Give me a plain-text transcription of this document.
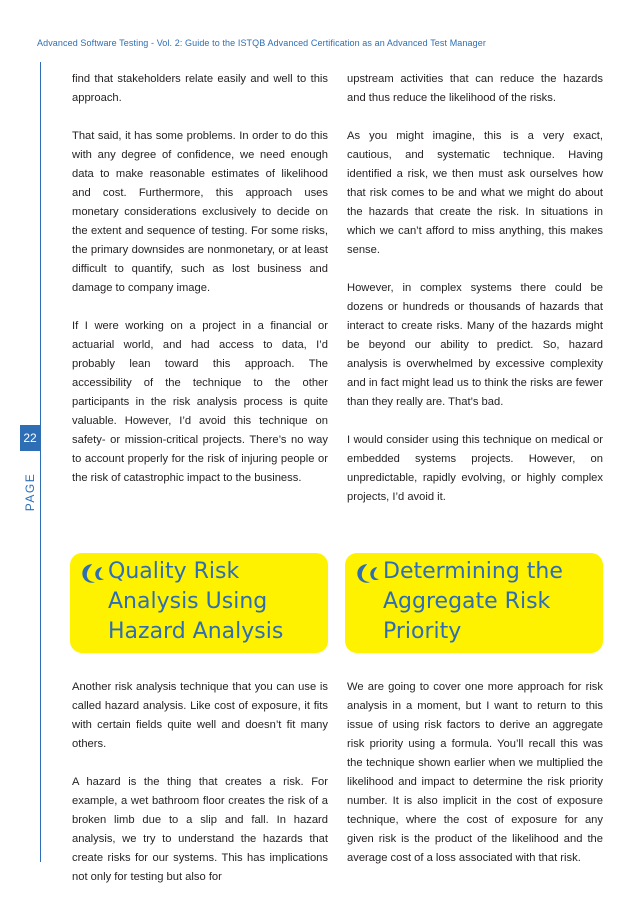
Advanced Software Testing - Vol. 2: Guide to the ISTQB Advanced Certification as an Advanced Test Manager
22
PAGE

find that stakeholders relate easily and well to this approach.

That said, it has some problems. In order to do this with any degree of confidence, we need enough data to make reasonable estimates of likelihood and cost. Furthermore, this approach uses monetary considerations exclusively to decide on the extent and sequence of testing. For some risks, the primary downsides are nonmonetary, or at least difficult to quantify, such as lost business and damage to company image.

If I were working on a project in a financial or actuarial world, and had access to data, I’d probably lean toward this approach. The accessibility of the technique to the other participants in the risk analysis process is quite valuable. However, I’d avoid this technique on safety- or mission-critical projects. There’s no way to account properly for the risk of injuring people or the risk of catastrophic impact to the business.

upstream activities that can reduce the hazards and thus reduce the likelihood of the risks.

As you might imagine, this is a very exact, cautious, and systematic technique. Having identified a risk, we then must ask ourselves how that risk comes to be and what we might do about the hazards that create the risk. In situations in which we can’t afford to miss anything, this makes sense.

However, in complex systems there could be dozens or hundreds or thousands of hazards that interact to create risks. Many of the hazards might be beyond our ability to predict. So, hazard analysis is overwhelmed by excessive complexity and in fact might lead us to think the risks are fewer than they really are. That’s bad.

I would consider using this technique on medical or embedded systems projects. However, on unpredictable, rapidly evolving, or highly complex projects, I’d avoid it.

Quality Risk Analysis Using Hazard Analysis
Determining the Aggregate Risk Priority

Another risk analysis technique that you can use is called hazard analysis. Like cost of exposure, it fits with certain fields quite well and doesn’t fit many others.

A hazard is the thing that creates a risk. For example, a wet bathroom floor creates the risk of a broken limb due to a slip and fall. In hazard analysis, we try to understand the hazards that create risks for our systems. This has implications not only for testing but also for

We are going to cover one more approach for risk analysis in a moment, but I want to return to this issue of using risk factors to derive an aggregate risk priority using a formula. You’ll recall this was the technique shown earlier when we multiplied the likelihood and impact to determine the risk priority number. It is also implicit in the cost of exposure technique, where the cost of exposure for any given risk is the product of the likelihood and the average cost of a loss associated with that risk.
